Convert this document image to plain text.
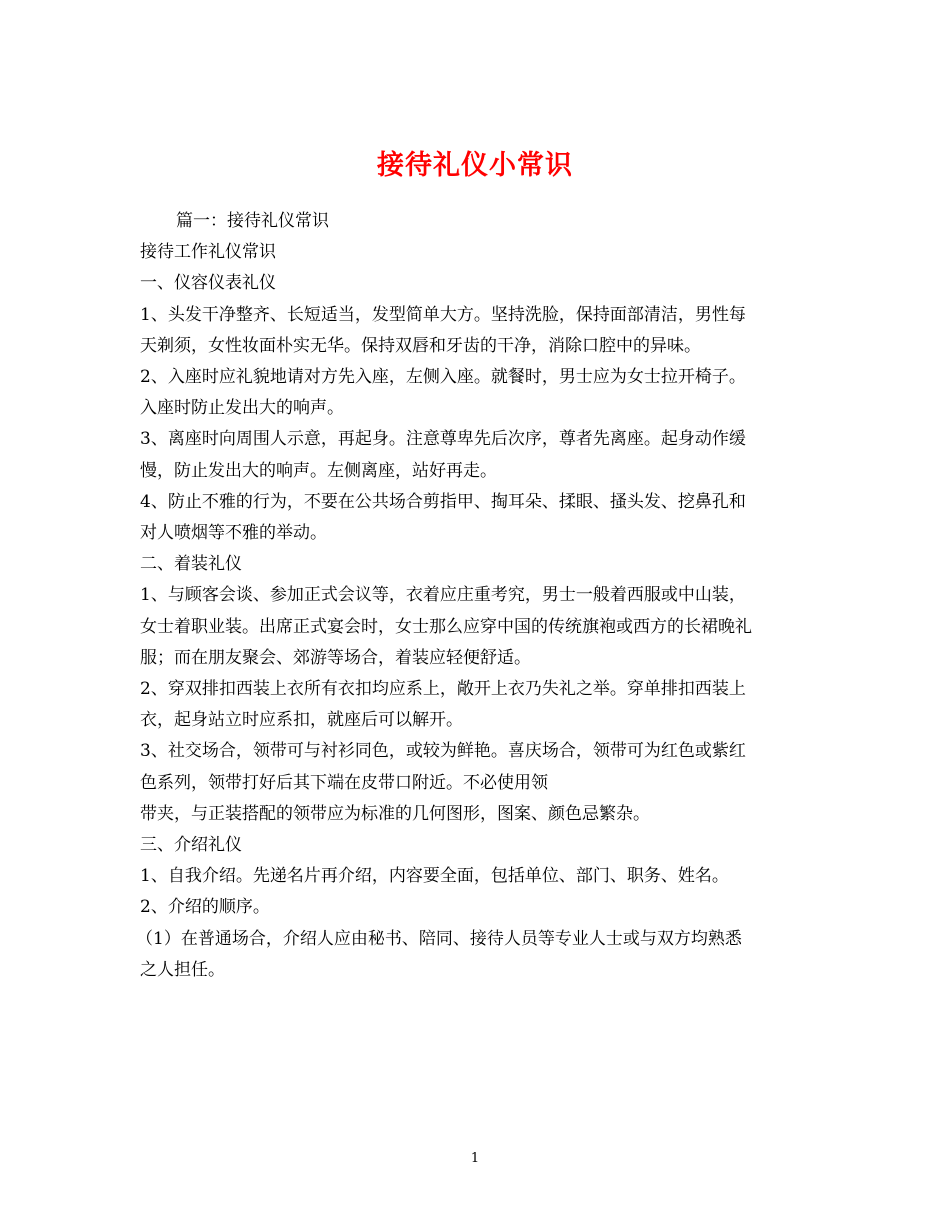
接待礼仪小常识

篇一：接待礼仪常识

接待工作礼仪常识

一、仪容仪表礼仪

1、头发干净整齐、长短适当，发型简单大方。坚持洗脸，保持面部清洁，男性每

天剃须，女性妆面朴实无华。保持双唇和牙齿的干净，消除口腔中的异味。

2、入座时应礼貌地请对方先入座，左侧入座。就餐时，男士应为女士拉开椅子。

入座时防止发出大的响声。

3、离座时向周围人示意，再起身。注意尊卑先后次序，尊者先离座。起身动作缓

慢，防止发出大的响声。左侧离座，站好再走。

4、防止不雅的行为，不要在公共场合剪指甲、掏耳朵、揉眼、搔头发、挖鼻孔和

对人喷烟等不雅的举动。

二、着装礼仪

1、与顾客会谈、参加正式会议等，衣着应庄重考究，男士一般着西服或中山装，

女士着职业装。出席正式宴会时，女士那么应穿中国的传统旗袍或西方的长裙晚礼

服；而在朋友聚会、郊游等场合，着装应轻便舒适。

2、穿双排扣西装上衣所有衣扣均应系上，敞开上衣乃失礼之举。穿单排扣西装上

衣，起身站立时应系扣，就座后可以解开。

3、社交场合，领带可与衬衫同色，或较为鲜艳。喜庆场合，领带可为红色或紫红

色系列，领带打好后其下端在皮带口附近。不必使用领

带夹，与正装搭配的领带应为标准的几何图形，图案、颜色忌繁杂。

三、介绍礼仪

1、自我介绍。先递名片再介绍，内容要全面，包括单位、部门、职务、姓名。

2、介绍的顺序。

（1）在普通场合，介绍人应由秘书、陪同、接待人员等专业人士或与双方均熟悉

之人担任。

1
